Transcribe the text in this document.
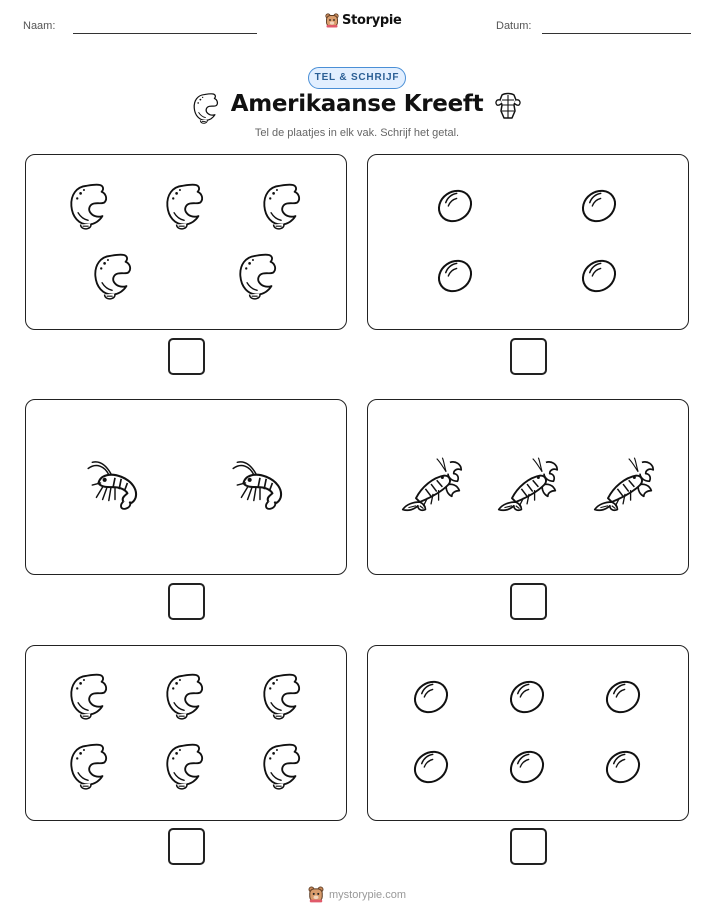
Naam:	Storypie	Datum:
TEL & SCHRIJF
Amerikaanse Kreeft
Tel de plaatjes in elk vak. Schrijf het getal.
mystorypie.com
